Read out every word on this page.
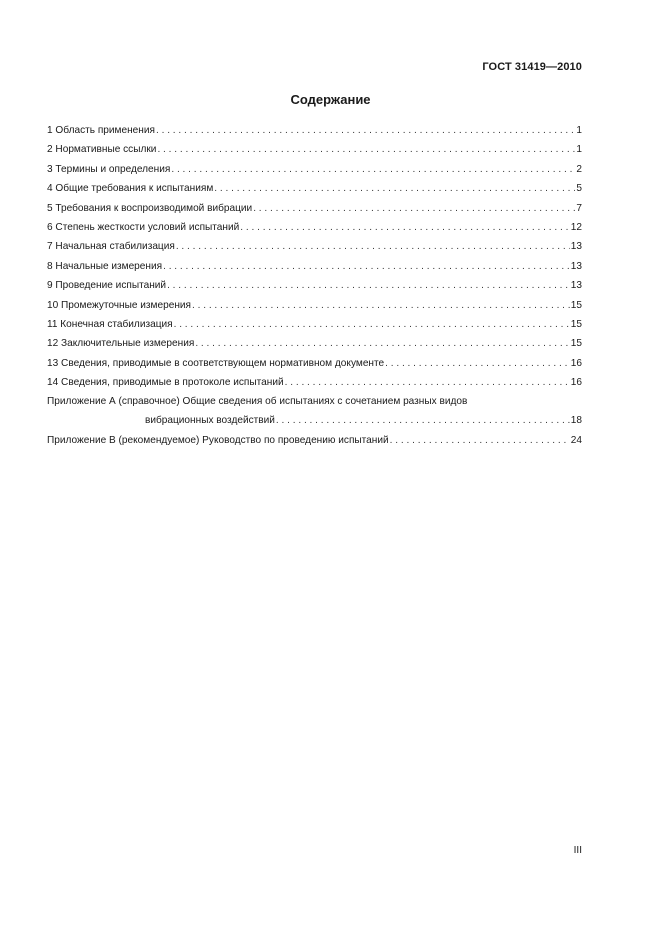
ГОСТ 31419—2010
Содержание
1 Область применения . . .	1
2 Нормативные ссылки . . .	1
3 Термины и определения . . .	2
4 Общие требования к испытаниям . . .	5
5 Требования к воспроизводимой вибрации . . .	7
6 Степень жесткости условий испытаний . . .	12
7 Начальная стабилизация . . .	13
8 Начальные измерения . . .	13
9 Проведение испытаний . . .	13
10 Промежуточные измерения . . .	15
11 Конечная стабилизация . . .	15
12 Заключительные измерения . . .	15
13 Сведения, приводимые в соответствующем нормативном документе . . .	16
14 Сведения, приводимые в протоколе испытаний . . .	16
Приложение А (справочное) Общие сведения об испытаниях с сочетанием разных видов
вибрационных воздействий . . .	18
Приложение В (рекомендуемое) Руководство по проведению испытаний . . .	24
III
